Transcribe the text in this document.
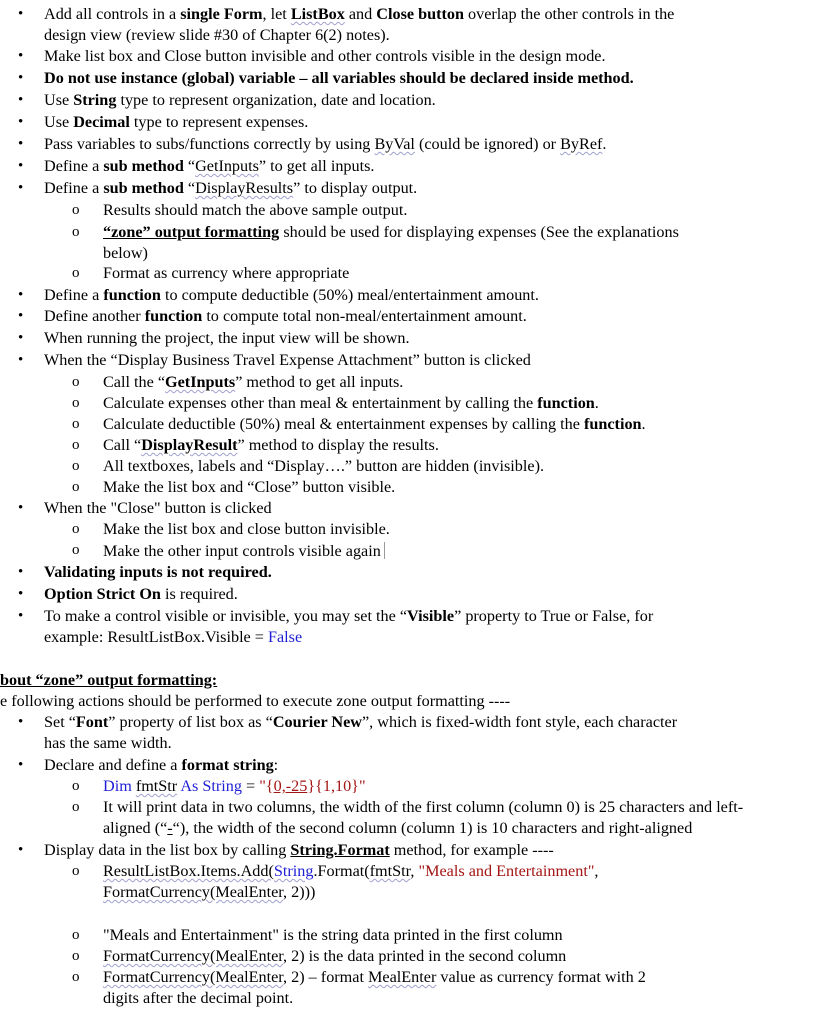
• Add all controls in a single Form, let ListBox and Close button overlap the other controls in the
design view (review slide #30 of Chapter 6(2) notes).
• Make list box and Close button invisible and other controls visible in the design mode.
• Do not use instance (global) variable – all variables should be declared inside method.
• Use String type to represent organization, date and location.
• Use Decimal type to represent expenses.
• Pass variables to subs/functions correctly by using ByVal (could be ignored) or ByRef.
• Define a sub method “GetInputs” to get all inputs.
• Define a sub method “DisplayResults” to display output.
o Results should match the above sample output.
o “zone” output formatting should be used for displaying expenses (See the explanations
below)
o Format as currency where appropriate
• Define a function to compute deductible (50%) meal/entertainment amount.
• Define another function to compute total non-meal/entertainment amount.
• When running the project, the input view will be shown.
• When the “Display Business Travel Expense Attachment” button is clicked
o Call the “GetInputs” method to get all inputs.
o Calculate expenses other than meal & entertainment by calling the function.
o Calculate deductible (50%) meal & entertainment expenses by calling the function.
o Call “DisplayResult” method to display the results.
o All textboxes, labels and “Display….” button are hidden (invisible).
o Make the list box and “Close” button visible.
• When the "Close" button is clicked
o Make the list box and close button invisible.
o Make the other input controls visible again
• Validating inputs is not required.
• Option Strict On is required.
• To make a control visible or invisible, you may set the “Visible” property to True or False, for
example: ResultListBox.Visible = False
bout “zone” output formatting:
e following actions should be performed to execute zone output formatting ----
• Set “Font” property of list box as “Courier New”, which is fixed-width font style, each character
has the same width.
• Declare and define a format string:
o Dim fmtStr As String = "{0,-25}{1,10}"
o It will print data in two columns, the width of the first column (column 0) is 25 characters and left-
aligned (“-“), the width of the second column (column 1) is 10 characters and right-aligned
• Display data in the list box by calling String.Format method, for example ----
o ResultListBox.Items.Add(String.Format(fmtStr, "Meals and Entertainment",
FormatCurrency(MealEnter, 2)))
o "Meals and Entertainment" is the string data printed in the first column
o FormatCurrency(MealEnter, 2) is the data printed in the second column
o FormatCurrency(MealEnter, 2) – format MealEnter value as currency format with 2
digits after the decimal point.
